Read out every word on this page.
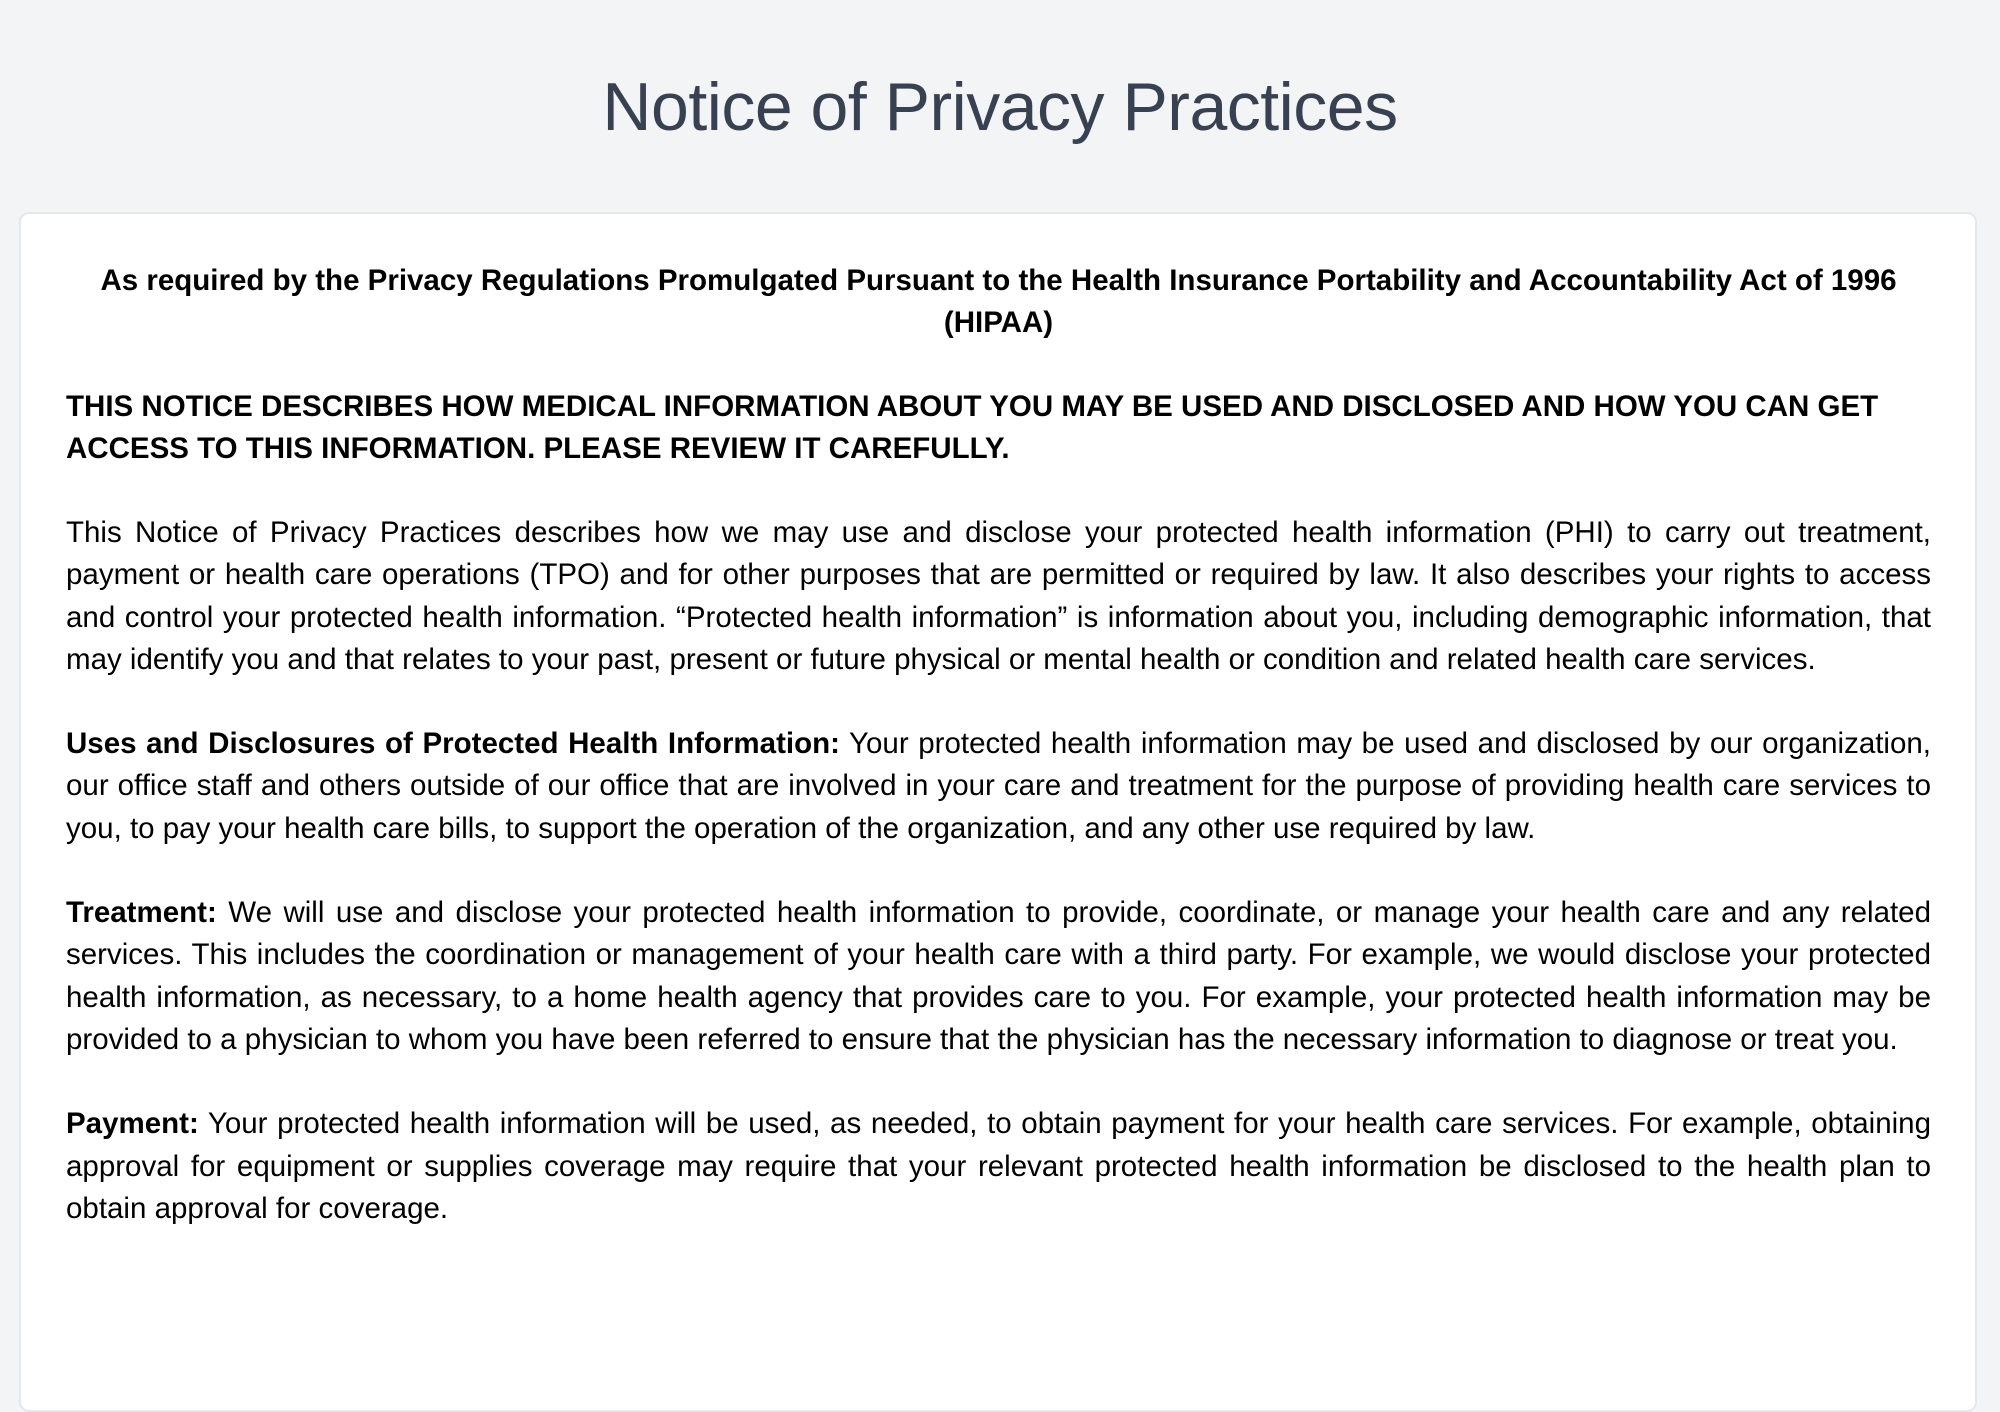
Notice of Privacy Practices

As required by the Privacy Regulations Promulgated Pursuant to the Health Insurance Portability and Accountability Act of 1996 (HIPAA)

THIS NOTICE DESCRIBES HOW MEDICAL INFORMATION ABOUT YOU MAY BE USED AND DISCLOSED AND HOW YOU CAN GET ACCESS TO THIS INFORMATION. PLEASE REVIEW IT CAREFULLY.

This Notice of Privacy Practices describes how we may use and disclose your protected health information (PHI) to carry out treatment, payment or health care operations (TPO) and for other purposes that are permitted or required by law. It also describes your rights to access and control your protected health information. “Protected health information” is information about you, including demographic information, that may identify you and that relates to your past, present or future physical or mental health or condition and related health care services.

Uses and Disclosures of Protected Health Information: Your protected health information may be used and disclosed by our organization, our office staff and others outside of our office that are involved in your care and treatment for the purpose of providing health care services to you, to pay your health care bills, to support the operation of the organization, and any other use required by law.

Treatment: We will use and disclose your protected health information to provide, coordinate, or manage your health care and any related services. This includes the coordination or management of your health care with a third party. For example, we would disclose your protected health information, as necessary, to a home health agency that provides care to you. For example, your protected health information may be provided to a physician to whom you have been referred to ensure that the physician has the necessary information to diagnose or treat you.

Payment: Your protected health information will be used, as needed, to obtain payment for your health care services. For example, obtaining approval for equipment or supplies coverage may require that your relevant protected health information be disclosed to the health plan to obtain approval for coverage.
